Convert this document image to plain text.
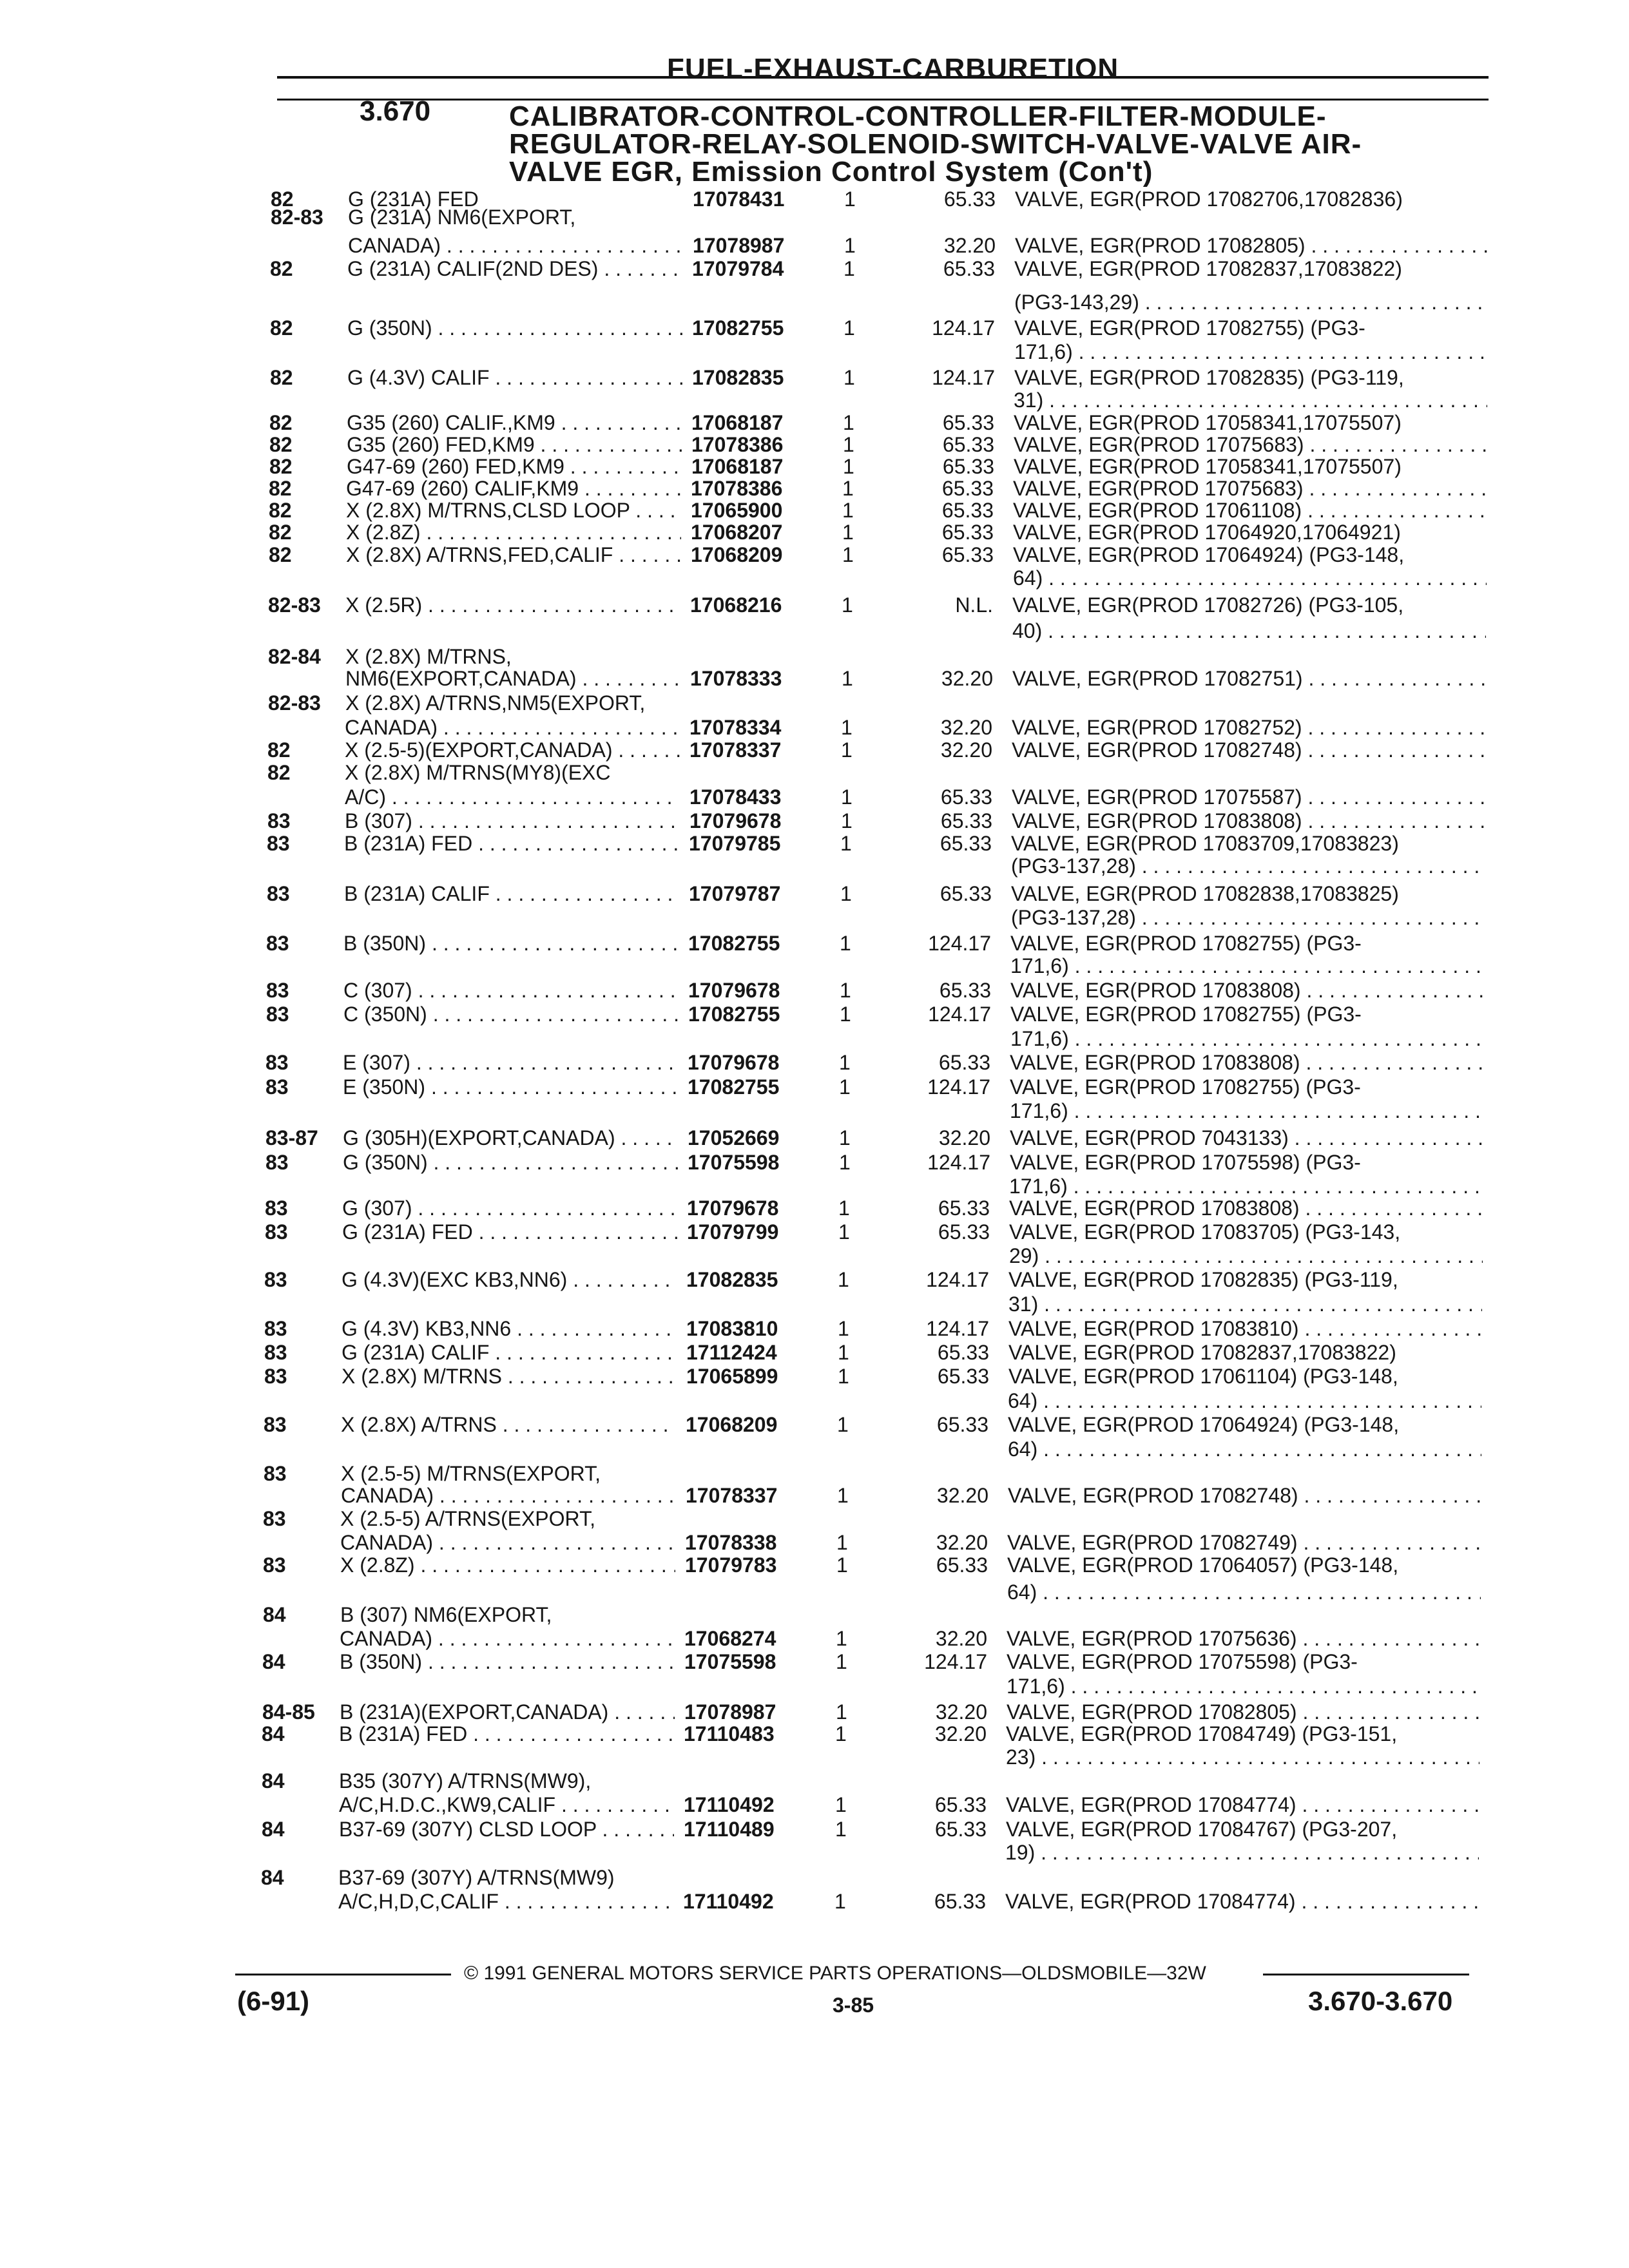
FUEL-EXHAUST-CARBURETION
3.670	CALIBRATOR-CONTROL-CONTROLLER-FILTER-MODULE-
REGULATOR-RELAY-SOLENOID-SWITCH-VALVE-VALVE AIR-
VALVE EGR, Emission Control System (Con't)
82	G (231A) FED	17078431	1	65.33 VALVE, EGR(PROD 17082706,17082836)
82-83	G (231A) NM6(EXPORT,
CANADA) . . .	17078987	1	32.20 VALVE, EGR(PROD 17082805) . . .
82	G (231A) CALIF(2ND DES) . . .	17079784	1	65.33 VALVE, EGR(PROD 17082837,17083822)
(PG3-143,29) . . .
82	G (350N) . . .	17082755	1	124.17 VALVE, EGR(PROD 17082755) (PG3-
171,6) . . .
82	G (4.3V) CALIF . . .	17082835	1	124.17 VALVE, EGR(PROD 17082835) (PG3-119,
31) . . .
82	G35 (260) CALIF.,KM9 . . .	17068187	1	65.33 VALVE, EGR(PROD 17058341,17075507)
82	G35 (260) FED,KM9 . . .	17078386	1	65.33 VALVE, EGR(PROD 17075683) . . .
82	G47-69 (260) FED,KM9 . . .	17068187	1	65.33 VALVE, EGR(PROD 17058341,17075507)
82	G47-69 (260) CALIF,KM9 . . .	17078386	1	65.33 VALVE, EGR(PROD 17075683) . . .
82	X (2.8X) M/TRNS,CLSD LOOP . . .	17065900	1	65.33 VALVE, EGR(PROD 17061108) . . .
82	X (2.8Z) . . .	17068207	1	65.33 VALVE, EGR(PROD 17064920,17064921)
82	X (2.8X) A/TRNS,FED,CALIF . . .	17068209	1	65.33 VALVE, EGR(PROD 17064924) (PG3-148,
64) . . .
82-83	X (2.5R) . . .	17068216	1	N.L. VALVE, EGR(PROD 17082726) (PG3-105,
40) . . .
82-84	X (2.8X) M/TRNS,
NM6(EXPORT,CANADA) . . .	17078333	1	32.20 VALVE, EGR(PROD 17082751) . . .
82-83	X (2.8X) A/TRNS,NM5(EXPORT,
CANADA) . . .	17078334	1	32.20 VALVE, EGR(PROD 17082752) . . .
82	X (2.5-5)(EXPORT,CANADA) . . .	17078337	1	32.20 VALVE, EGR(PROD 17082748) . . .
82	X (2.8X) M/TRNS(MY8)(EXC
A/C) . . .	17078433	1	65.33 VALVE, EGR(PROD 17075587) . . .
83	B (307) . . .	17079678	1	65.33 VALVE, EGR(PROD 17083808) . . .
83	B (231A) FED . . .	17079785	1	65.33 VALVE, EGR(PROD 17083709,17083823)
(PG3-137,28) . . .
83	B (231A) CALIF . . .	17079787	1	65.33 VALVE, EGR(PROD 17082838,17083825)
(PG3-137,28) . . .
83	B (350N) . . .	17082755	1	124.17 VALVE, EGR(PROD 17082755) (PG3-
171,6) . . .
83	C (307) . . .	17079678	1	65.33 VALVE, EGR(PROD 17083808) . . .
83	C (350N) . . .	17082755	1	124.17 VALVE, EGR(PROD 17082755) (PG3-
171,6) . . .
83	E (307) . . .	17079678	1	65.33 VALVE, EGR(PROD 17083808) . . .
83	E (350N) . . .	17082755	1	124.17 VALVE, EGR(PROD 17082755) (PG3-
171,6) . . .
83-87	G (305H)(EXPORT,CANADA) . . .	17052669	1	32.20 VALVE, EGR(PROD 7043133) . . .
83	G (350N) . . .	17075598	1	124.17 VALVE, EGR(PROD 17075598) (PG3-
171,6) . . .
83	G (307) . . .	17079678	1	65.33 VALVE, EGR(PROD 17083808) . . .
83	G (231A) FED . . .	17079799	1	65.33 VALVE, EGR(PROD 17083705) (PG3-143,
29) . . .
83	G (4.3V)(EXC KB3,NN6) . . .	17082835	1	124.17 VALVE, EGR(PROD 17082835) (PG3-119,
31) . . .
83	G (4.3V) KB3,NN6 . . .	17083810	1	124.17 VALVE, EGR(PROD 17083810) . . .
83	G (231A) CALIF . . .	17112424	1	65.33 VALVE, EGR(PROD 17082837,17083822)
83	X (2.8X) M/TRNS . . .	17065899	1	65.33 VALVE, EGR(PROD 17061104) (PG3-148,
64) . . .
83	X (2.8X) A/TRNS . . .	17068209	1	65.33 VALVE, EGR(PROD 17064924) (PG3-148,
64) . . .
83	X (2.5-5) M/TRNS(EXPORT,
CANADA) . . .	17078337	1	32.20 VALVE, EGR(PROD 17082748) . . .
83	X (2.5-5) A/TRNS(EXPORT,
CANADA) . . .	17078338	1	32.20 VALVE, EGR(PROD 17082749) . . .
83	X (2.8Z) . . .	17079783	1	65.33 VALVE, EGR(PROD 17064057) (PG3-148,
64) . . .
84	B (307) NM6(EXPORT,
CANADA) . . .	17068274	1	32.20 VALVE, EGR(PROD 17075636) . . .
84	B (350N) . . .	17075598	1	124.17 VALVE, EGR(PROD 17075598) (PG3-
171,6) . . .
84-85	B (231A)(EXPORT,CANADA) . . .	17078987	1	32.20 VALVE, EGR(PROD 17082805) . . .
84	B (231A) FED . . .	17110483	1	32.20 VALVE, EGR(PROD 17084749) (PG3-151,
23) . . .
84	B35 (307Y) A/TRNS(MW9),
A/C,H.D.C.,KW9,CALIF . . .	17110492	1	65.33 VALVE, EGR(PROD 17084774) . . .
84	B37-69 (307Y) CLSD LOOP . . .	17110489	1	65.33 VALVE, EGR(PROD 17084767) (PG3-207,
19) . . .
84	B37-69 (307Y) A/TRNS(MW9)
A/C,H,D,C,CALIF . . .	17110492	1	65.33 VALVE, EGR(PROD 17084774) . . .
© 1991 GENERAL MOTORS SERVICE PARTS OPERATIONS—OLDSMOBILE—32W
(6-91)	3-85	3.670-3.670
